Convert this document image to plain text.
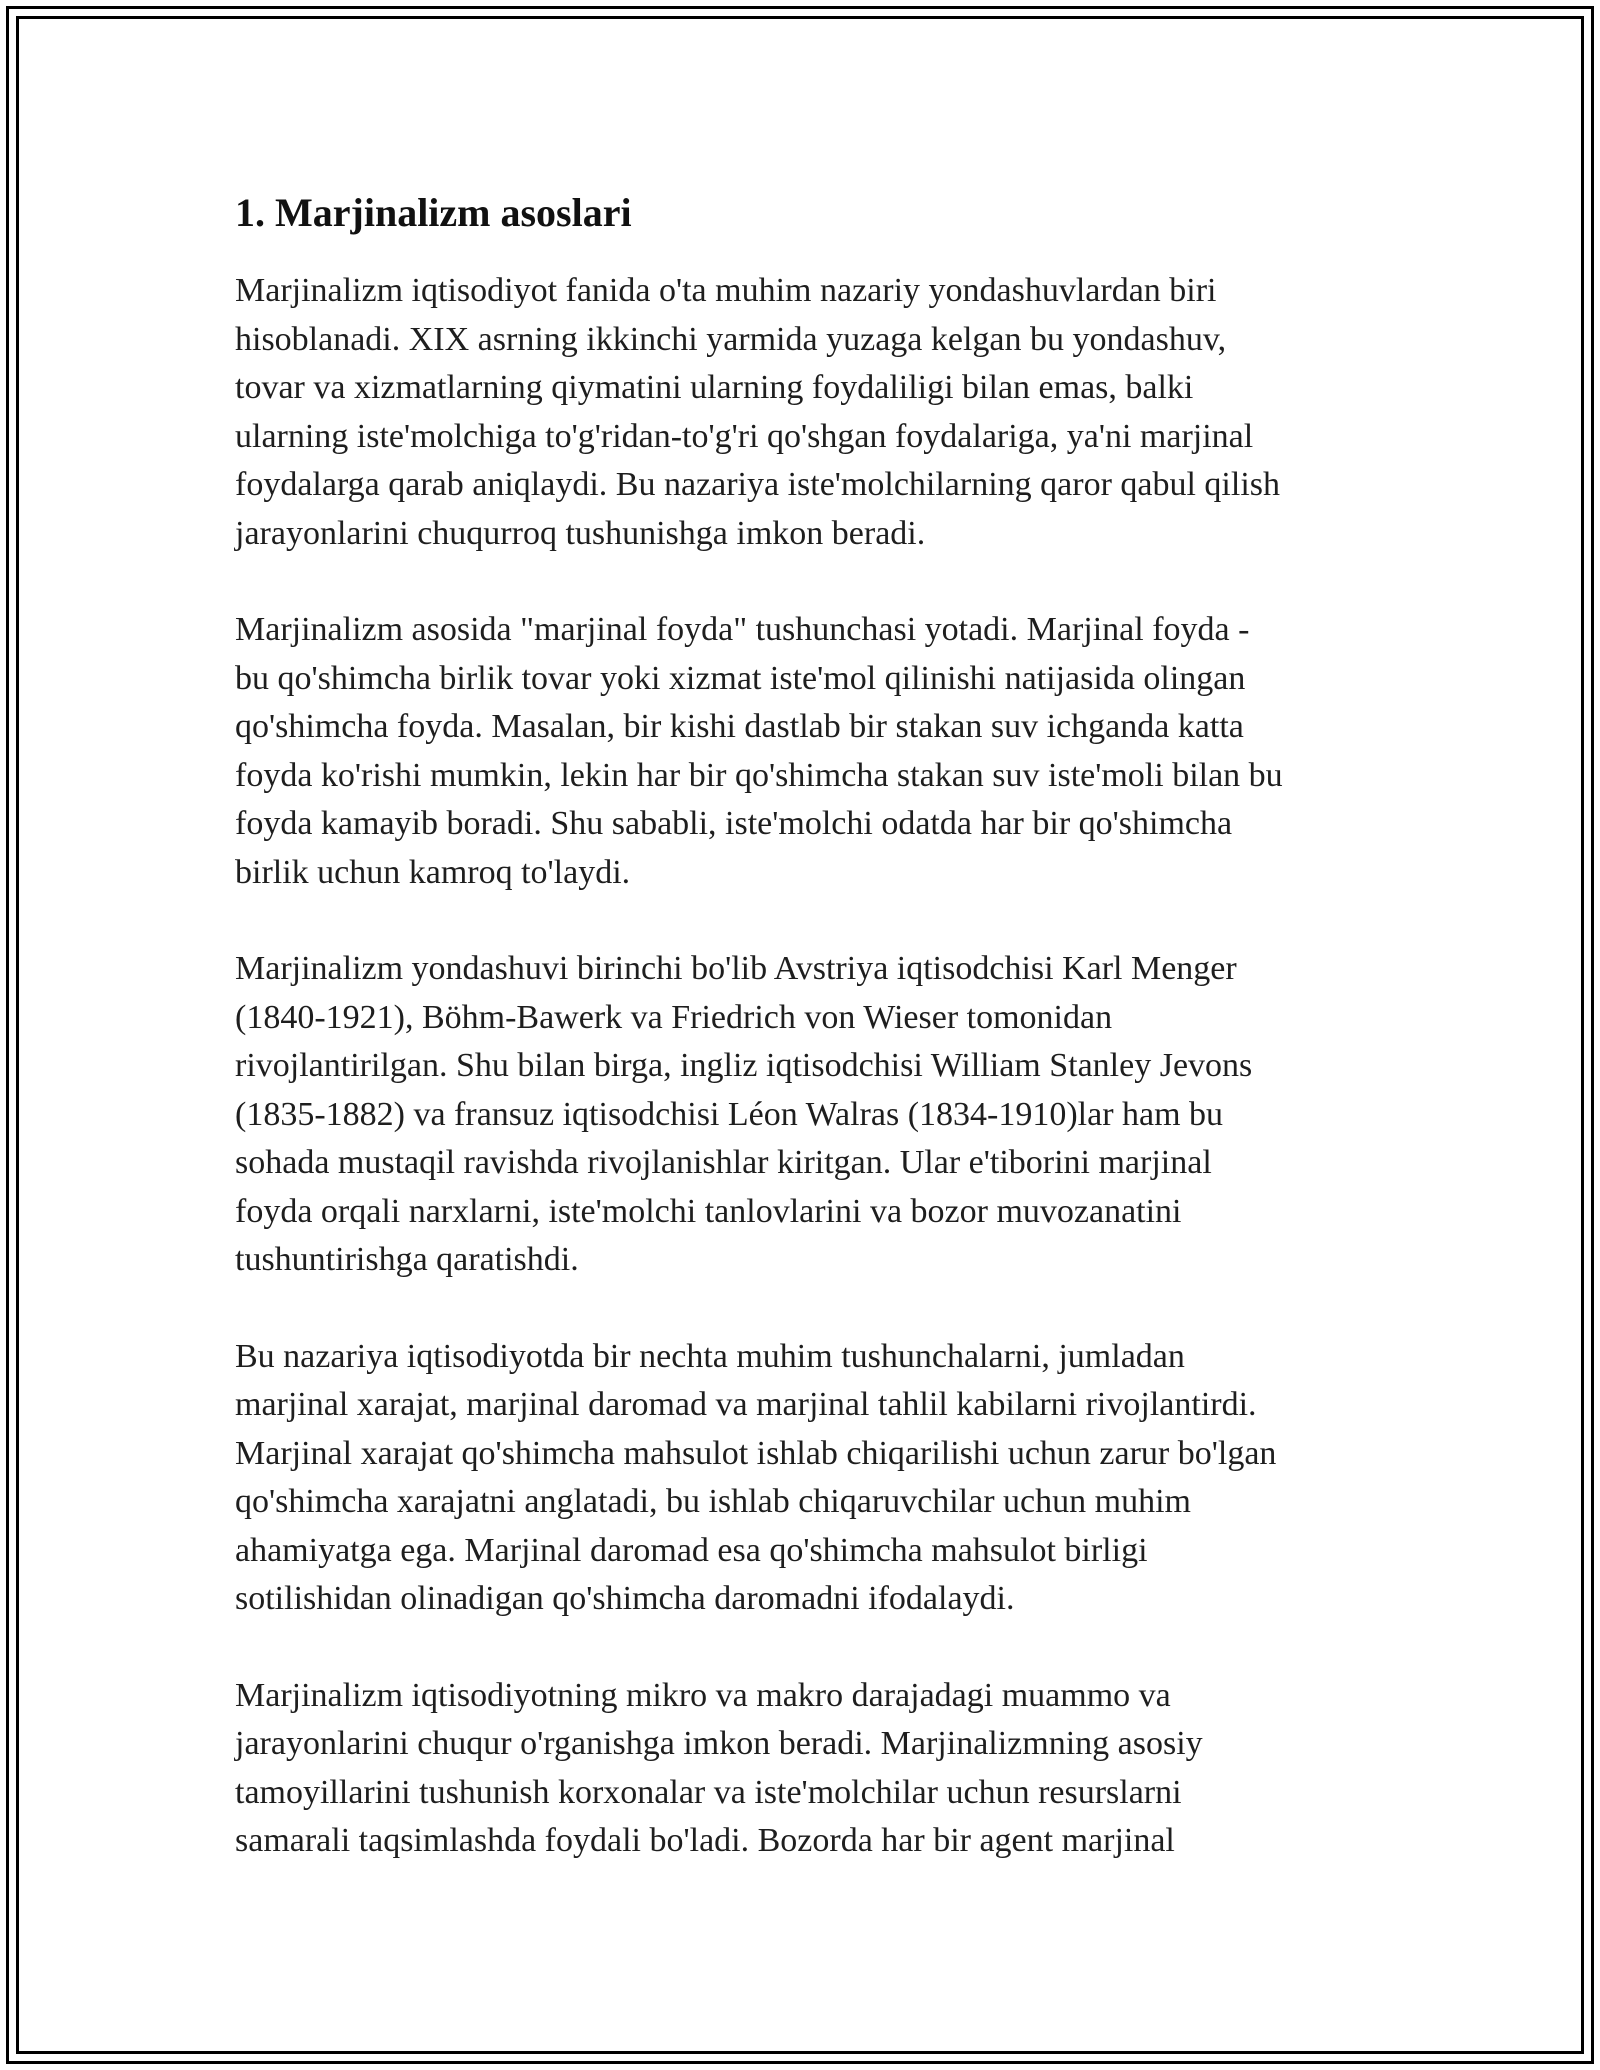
1. Marjinalizm asoslari

Marjinalizm iqtisodiyot fanida o'ta muhim nazariy yondashuvlardan biri
hisoblanadi. XIX asrning ikkinchi yarmida yuzaga kelgan bu yondashuv,
tovar va xizmatlarning qiymatini ularning foydaliligi bilan emas, balki
ularning iste'molchiga to'g'ridan-to'g'ri qo'shgan foydalariga, ya'ni marjinal
foydalarga qarab aniqlaydi. Bu nazariya iste'molchilarning qaror qabul qilish
jarayonlarini chuqurroq tushunishga imkon beradi.

Marjinalizm asosida "marjinal foyda" tushunchasi yotadi. Marjinal foyda -
bu qo'shimcha birlik tovar yoki xizmat iste'mol qilinishi natijasida olingan
qo'shimcha foyda. Masalan, bir kishi dastlab bir stakan suv ichganda katta
foyda ko'rishi mumkin, lekin har bir qo'shimcha stakan suv iste'moli bilan bu
foyda kamayib boradi. Shu sababli, iste'molchi odatda har bir qo'shimcha
birlik uchun kamroq to'laydi.

Marjinalizm yondashuvi birinchi bo'lib Avstriya iqtisodchisi Karl Menger
(1840-1921), Böhm-Bawerk va Friedrich von Wieser tomonidan
rivojlantirilgan. Shu bilan birga, ingliz iqtisodchisi William Stanley Jevons
(1835-1882) va fransuz iqtisodchisi Léon Walras (1834-1910)lar ham bu
sohada mustaqil ravishda rivojlanishlar kiritgan. Ular e'tiborini marjinal
foyda orqali narxlarni, iste'molchi tanlovlarini va bozor muvozanatini
tushuntirishga qaratishdi.

Bu nazariya iqtisodiyotda bir nechta muhim tushunchalarni, jumladan
marjinal xarajat, marjinal daromad va marjinal tahlil kabilarni rivojlantirdi.
Marjinal xarajat qo'shimcha mahsulot ishlab chiqarilishi uchun zarur bo'lgan
qo'shimcha xarajatni anglatadi, bu ishlab chiqaruvchilar uchun muhim
ahamiyatga ega. Marjinal daromad esa qo'shimcha mahsulot birligi
sotilishidan olinadigan qo'shimcha daromadni ifodalaydi.

Marjinalizm iqtisodiyotning mikro va makro darajadagi muammo va
jarayonlarini chuqur o'rganishga imkon beradi. Marjinalizmning asosiy
tamoyillarini tushunish korxonalar va iste'molchilar uchun resurslarni
samarali taqsimlashda foydali bo'ladi. Bozorda har bir agent marjinal
